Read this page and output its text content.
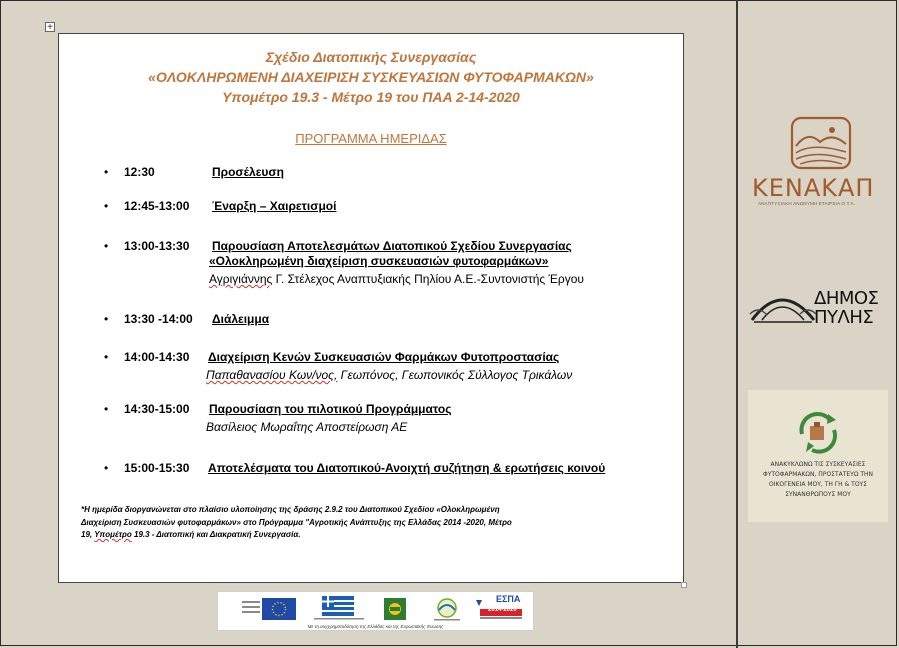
+
Σχέδιο Διατοπικής Συνεργασίας
«ΟΛΟΚΛΗΡΩΜΕΝΗ ΔΙΑΧΕΙΡΙΣΗ ΣΥΣΚΕΥΑΣΙΩΝ ΦΥΤΟΦΑΡΜΑΚΩΝ»
Υπομέτρο 19.3 - Μέτρο 19 του ΠΑΑ 2-14-2020
ΠΡΟΓΡΑΜΜΑ ΗΜΕΡΙΔΑΣ
• 12:30	Προσέλευση
• 12:45-13:00 Έναρξη – Χαιρετισμοί
• 13:00-13:30 Παρουσίαση Αποτελεσμάτων Διατοπικού Σχεδίου Συνεργασίας
«Ολοκληρωμένη διαχείριση συσκευασιών φυτοφαρμάκων»
Αγριγιάννης Γ. Στέλεχος Αναπτυξιακής Πηλίου Α.Ε.-Συντονιστής Έργου
• 13:30 -14:00 Διάλειμμα
• 14:00-14:30 Διαχείριση Κενών Συσκευασιών Φαρμάκων Φυτοπροστασίας
Παπαθανασίου Κων/νος, Γεωπόνος, Γεωπονικός Σύλλογος Τρικάλων
• 14:30-15:00 Παρουσίαση του πιλοτικού Προγράμματος
Βασίλειος Μωραΐτης Αποστείρωση ΑΕ
• 15:00-15:30 Αποτελέσματα του Διατοπικού-Ανοιχτή συζήτηση & ερωτήσεις κοινού
*Η ημερίδα διοργανώνεται στο πλαίσιο υλοποίησης της δράσης 2.9.2 του Διατοπικού Σχεδίου «Ολοκληρωμένη
Διαχείριση Συσκευασιών φυτοφαρμάκων» στο Πρόγραμμα "Αγροτικής Ανάπτυξης της Ελλάδας 2014 -2020, Μέτρο
19, Υπομέτρο 19.3 - Διατοπική και Διακρατική Συνεργασία.
ΕΣΠΑ
2014-2020
Με τη συγχρηματοδότηση της Ελλάδας και της Ευρωπαϊκής Ένωσης
ΚΕΝΑΚΑΠ
ΑΝΑΠΤΥΞΙΑΚΗ ΑΝΩΝΥΜΗ ΕΤΑΙΡΕΙΑ Ο.Τ.Α.
ΔΗΜΟΣ
ΠΥΛΗΣ
ΑΝΑΚΥΚΛΩΝΩ ΤΙΣ ΣΥΣΚΕΥΑΣΙΕΣ ΦΥΤΟΦΑΡΜΑΚΩΝ, ΠΡΟΣΤΑΤΕΥΩ ΤΗΝ ΟΙΚΟΓΕΝΕΙΑ ΜΟΥ, ΤΗ ΓΗ & ΤΟΥΣ ΣΥΝΑΝΘΡΩΠΟΥΣ ΜΟΥ
